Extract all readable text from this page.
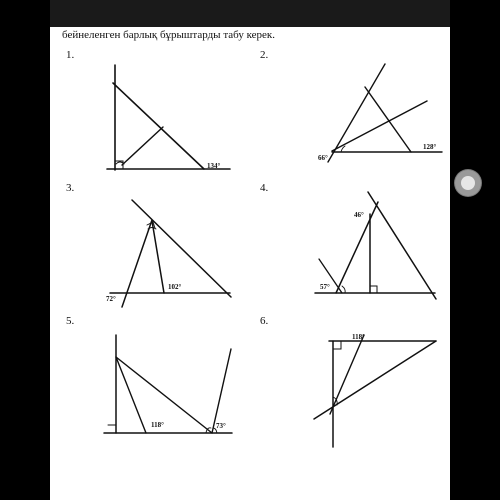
бейнеленген барлық бұрыштарды табу керек.
1.	2.
3.	4.
5.	6.
134°
66°
128°
72°
102°
46°
57°
118°	73°
118°
